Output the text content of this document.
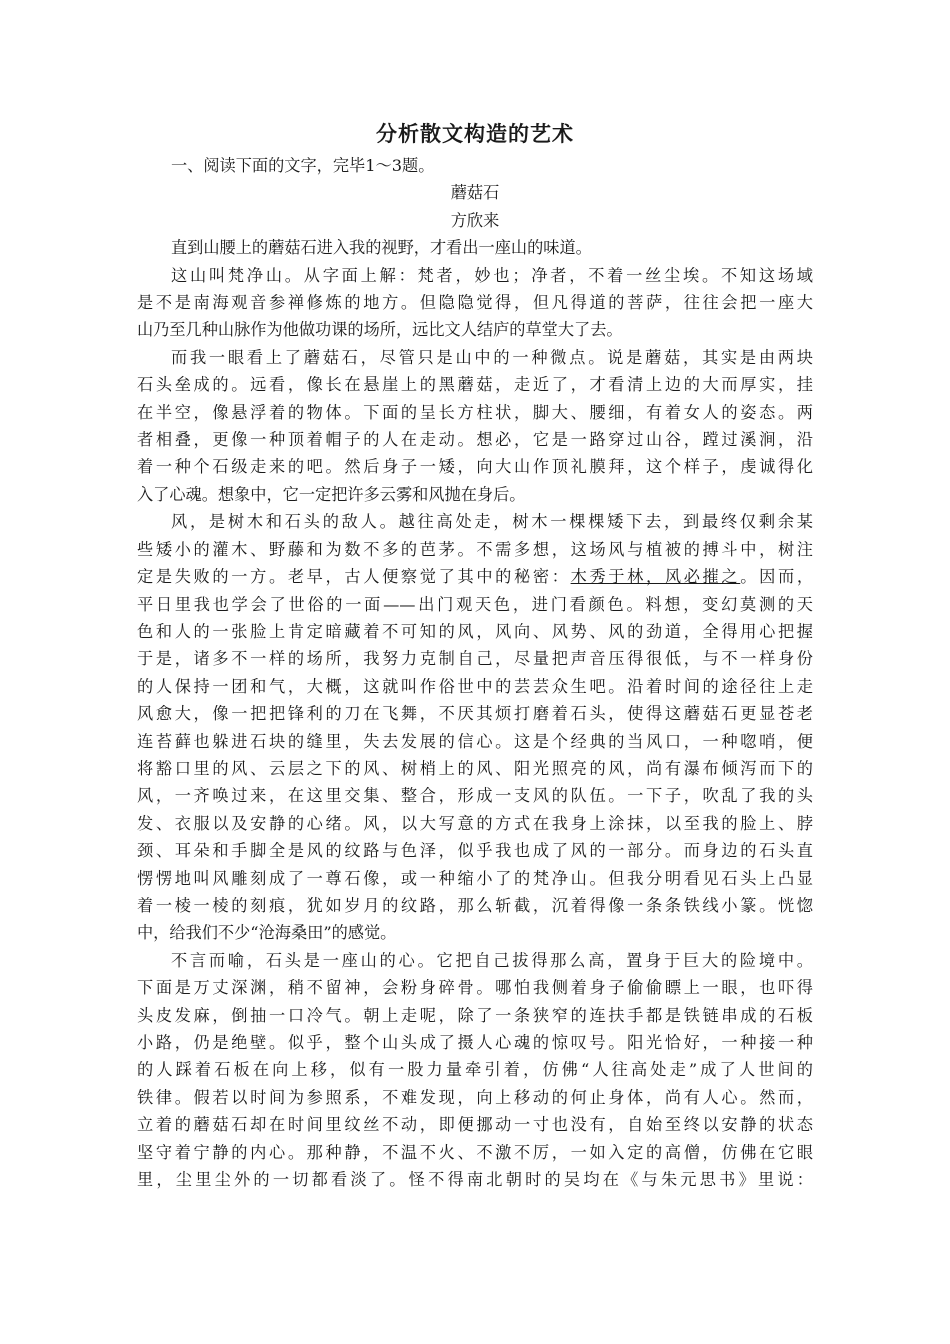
分析散文构造的艺术

一、阅读下面的文字，完毕1～3题。

蘑菇石

方欣来

直到山腰上的蘑菇石进入我的视野，才看出一座山的味道。

这山叫梵净山。从字面上解：梵者，妙也；净者，不着一丝尘埃。不知这场域

是不是南海观音参禅修炼的地方。但隐隐觉得，但凡得道的菩萨，往往会把一座大

山乃至几种山脉作为他做功课的场所，远比文人结庐的草堂大了去。

而我一眼看上了蘑菇石，尽管只是山中的一种微点。说是蘑菇，其实是由两块

石头垒成的。远看，像长在悬崖上的黑蘑菇，走近了，才看清上边的大而厚实，挂

在半空，像悬浮着的物体。下面的呈长方柱状，脚大、腰细，有着女人的姿态。两

者相叠，更像一种顶着帽子的人在走动。想必，它是一路穿过山谷，蹚过溪涧，沿

着一种个石级走来的吧。然后身子一矮，向大山作顶礼膜拜，这个样子，虔诚得化

入了心魂。想象中，它一定把许多云雾和风抛在身后。

风，是树木和石头的敌人。越往高处走，树木一棵棵矮下去，到最终仅剩余某

些矮小的灌木、野藤和为数不多的芭茅。不需多想，这场风与植被的搏斗中，树注

定是失败的一方。老早，古人便察觉了其中的秘密：木秀于林，风必摧之。因而，

平日里我也学会了世俗的一面——出门观天色，进门看颜色。料想，变幻莫测的天

色和人的一张脸上肯定暗藏着不可知的风，风向、风势、风的劲道，全得用心把握

于是，诸多不一样的场所，我努力克制自己，尽量把声音压得很低，与不一样身份

的人保持一团和气，大概，这就叫作俗世中的芸芸众生吧。沿着时间的途径往上走

风愈大，像一把把锋利的刀在飞舞，不厌其烦打磨着石头，使得这蘑菇石更显苍老

连苔藓也躲进石块的缝里，失去发展的信心。这是个经典的当风口，一种唿哨，便

将豁口里的风、云层之下的风、树梢上的风、阳光照亮的风，尚有瀑布倾泻而下的

风，一齐唤过来，在这里交集、整合，形成一支风的队伍。一下子，吹乱了我的头

发、衣服以及安静的心绪。风，以大写意的方式在我身上涂抹，以至我的脸上、脖

颈、耳朵和手脚全是风的纹路与色泽，似乎我也成了风的一部分。而身边的石头直

愣愣地叫风雕刻成了一尊石像，或一种缩小了的梵净山。但我分明看见石头上凸显

着一棱一棱的刻痕，犹如岁月的纹路，那么斩截，沉着得像一条条铁线小篆。恍惚

中，给我们不少“沧海桑田”的感觉。

不言而喻，石头是一座山的心。它把自己拔得那么高，置身于巨大的险境中。

下面是万丈深渊，稍不留神，会粉身碎骨。哪怕我侧着身子偷偷瞟上一眼，也吓得

头皮发麻，倒抽一口冷气。朝上走呢，除了一条狭窄的连扶手都是铁链串成的石板

小路，仍是绝壁。似乎，整个山头成了摄人心魂的惊叹号。阳光恰好，一种接一种

的人踩着石板在向上移，似有一股力量牵引着，仿佛“人往高处走”成了人世间的

铁律。假若以时间为参照系，不难发现，向上移动的何止身体，尚有人心。然而，

立着的蘑菇石却在时间里纹丝不动，即便挪动一寸也没有，自始至终以安静的状态

坚守着宁静的内心。那种静，不温不火、不激不厉，一如入定的高僧，仿佛在它眼

里，尘里尘外的一切都看淡了。怪不得南北朝时的吴均在《与朱元思书》里说：
